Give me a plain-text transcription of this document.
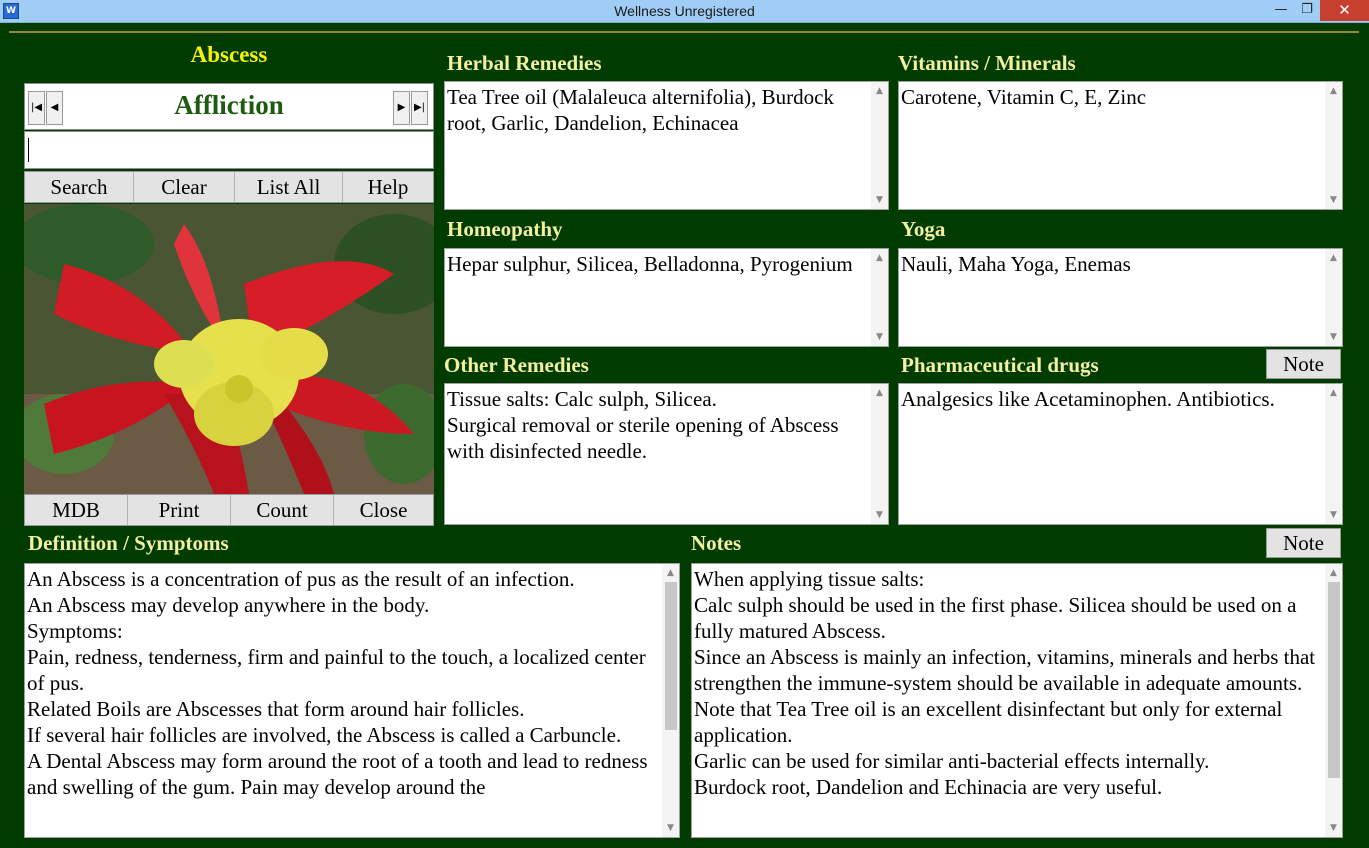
W	Wellness Unregistered	—	❐	✕
Abscess
|◀ ◀	Affliction	▶ ▶|
Search	Clear	List All	Help
MDB	Print	Count	Close
Herbal Remedies
Tea Tree oil (Malaleuca alternifolia), Burdock root, Garlic, Dandelion, Echinacea
▲
▼
Vitamins / Minerals
Carotene, Vitamin C, E, Zinc	▲
▼
Homeopathy
Hepar sulphur, Silicea, Belladonna, Pyrogenium	▲
▼
Yoga
Nauli, Maha Yoga, Enemas	▲
▼
Other Remedies
Tissue salts: Calc sulph, Silicea.
Surgical removal or sterile opening of Abscess with disinfected needle.
▲
▼
Pharmaceutical drugs	Note
Analgesics like Acetaminophen. Antibiotics.	▲
▼
Definition / Symptoms
An Abscess is a concentration of pus as the result of an infection.
An Abscess may develop anywhere in the body.
Symptoms:
Pain, redness, tenderness, firm and painful to the touch, a localized center of pus.
Related Boils are Abscesses that form around hair follicles.
If several hair follicles are involved, the Abscess is called a Carbuncle.
A Dental Abscess may form around the root of a tooth and lead to redness and swelling of the gum. Pain may develop around the
▲
▼
Notes	Note
When applying tissue salts:
Calc sulph should be used in the first phase. Silicea should be used on a fully matured Abscess.
Since an Abscess is mainly an infection, vitamins, minerals and herbs that strengthen the immune-system should be available in adequate amounts.
Note that Tea Tree oil is an excellent disinfectant but only for external application.
Garlic can be used for similar anti-bacterial effects internally.
Burdock root, Dandelion and Echinacia are very useful.
▲
▼
